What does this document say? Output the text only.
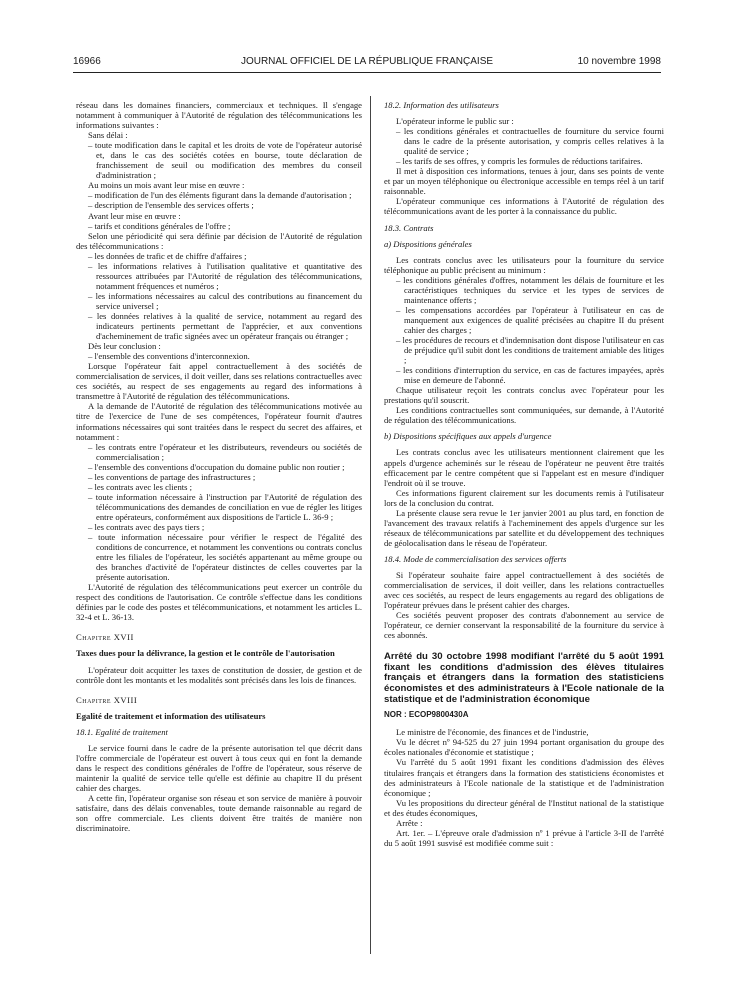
16966	JOURNAL OFFICIEL DE LA RÉPUBLIQUE FRANÇAISE	10 novembre 1998

réseau dans les domaines financiers, commerciaux et techniques. Il s'engage notamment à communiquer à l'Autorité de régulation des télécommunications les informations suivantes :

Sans délai :

– toute modification dans le capital et les droits de vote de l'opérateur autorisé et, dans le cas des sociétés cotées en bourse, toute déclaration de franchissement de seuil ou modification des membres du conseil d'administration ;

Au moins un mois avant leur mise en œuvre :

– modification de l'un des éléments figurant dans la demande d'autorisation ;

– description de l'ensemble des services offerts ;

Avant leur mise en œuvre :

– tarifs et conditions générales de l'offre ;

Selon une périodicité qui sera définie par décision de l'Autorité de régulation des télécommunications :

– les données de trafic et de chiffre d'affaires ;

– les informations relatives à l'utilisation qualitative et quantitative des ressources attribuées par l'Autorité de régulation des télécommunications, notamment fréquences et numéros ;

– les informations nécessaires au calcul des contributions au financement du service universel ;

– les données relatives à la qualité de service, notamment au regard des indicateurs pertinents permettant de l'apprécier, et aux conventions d'acheminement de trafic signées avec un opérateur français ou étranger ;

Dès leur conclusion :

– l'ensemble des conventions d'interconnexion.

Lorsque l'opérateur fait appel contractuellement à des sociétés de commercialisation de services, il doit veiller, dans ses relations contractuelles avec ces sociétés, au respect de ses engagements au regard des informations à transmettre à l'Autorité de régulation des télécommunications.

A la demande de l'Autorité de régulation des télécommunications motivée au titre de l'exercice de l'une de ses compétences, l'opérateur fournit d'autres informations nécessaires qui sont traitées dans le respect du secret des affaires, et notamment :

– les contrats entre l'opérateur et les distributeurs, revendeurs ou sociétés de commercialisation ;

– l'ensemble des conventions d'occupation du domaine public non routier ;

– les conventions de partage des infrastructures ;

– les contrats avec les clients ;

– toute information nécessaire à l'instruction par l'Autorité de régulation des télécommunications des demandes de conciliation en vue de régler les litiges entre opérateurs, conformément aux dispositions de l'article L. 36-9 ;

– les contrats avec des pays tiers ;

– toute information nécessaire pour vérifier le respect de l'égalité des conditions de concurrence, et notamment les conventions ou contrats conclus entre les filiales de l'opérateur, les sociétés appartenant au même groupe ou des branches d'activité de l'opérateur distinctes de celles couvertes par la présente autorisation.

L'Autorité de régulation des télécommunications peut exercer un contrôle du respect des conditions de l'autorisation. Ce contrôle s'effectue dans les conditions définies par le code des postes et télécommunications, et notamment les articles L. 32-4 et L. 36-13.

Chapitre XVII

Taxes dues pour la délivrance, la gestion et le contrôle de l'autorisation

L'opérateur doit acquitter les taxes de constitution de dossier, de gestion et de contrôle dont les montants et les modalités sont précisés dans les lois de finances.

Chapitre XVIII

Egalité de traitement et information des utilisateurs

18.1. Egalité de traitement

Le service fourni dans le cadre de la présente autorisation tel que décrit dans l'offre commerciale de l'opérateur est ouvert à tous ceux qui en font la demande dans le respect des conditions générales de l'offre de l'opérateur, sous réserve de maintenir la qualité de service telle qu'elle est définie au chapitre II du présent cahier des charges.

A cette fin, l'opérateur organise son réseau et son service de manière à pouvoir satisfaire, dans des délais convenables, toute demande raisonnable au regard de son offre commerciale. Les clients doivent être traités de manière non discriminatoire.

18.2. Information des utilisateurs

L'opérateur informe le public sur :

– les conditions générales et contractuelles de fourniture du service fourni dans le cadre de la présente autorisation, y compris celles relatives à la qualité de service ;

– les tarifs de ses offres, y compris les formules de réductions tarifaires.

Il met à disposition ces informations, tenues à jour, dans ses points de vente et par un moyen téléphonique ou électronique accessible en temps réel à un tarif raisonnable.

L'opérateur communique ces informations à l'Autorité de régulation des télécommunications avant de les porter à la connaissance du public.

18.3. Contrats

a) Dispositions générales

Les contrats conclus avec les utilisateurs pour la fourniture du service téléphonique au public précisent au minimum :

– les conditions générales d'offres, notamment les délais de fourniture et les caractéristiques techniques du service et les types de services de maintenance offerts ;

– les compensations accordées par l'opérateur à l'utilisateur en cas de manquement aux exigences de qualité précisées au chapitre II du présent cahier des charges ;

– les procédures de recours et d'indemnisation dont dispose l'utilisateur en cas de préjudice qu'il subit dont les conditions de traitement amiable des litiges ;

– les conditions d'interruption du service, en cas de factures impayées, après mise en demeure de l'abonné.

Chaque utilisateur reçoit les contrats conclus avec l'opérateur pour les prestations qu'il souscrit.

Les conditions contractuelles sont communiquées, sur demande, à l'Autorité de régulation des télécommunications.

b) Dispositions spécifiques aux appels d'urgence

Les contrats conclus avec les utilisateurs mentionnent clairement que les appels d'urgence acheminés sur le réseau de l'opérateur ne peuvent être traités efficacement par le centre compétent que si l'appelant est en mesure d'indiquer l'endroit où il se trouve.

Ces informations figurent clairement sur les documents remis à l'utilisateur lors de la conclusion du contrat.

La présente clause sera revue le 1er janvier 2001 au plus tard, en fonction de l'avancement des travaux relatifs à l'acheminement des appels d'urgence sur les réseaux de télécommunications par satellite et du développement des techniques de géolocalisation dans le réseau de l'opérateur.

18.4. Mode de commercialisation des services offerts

Si l'opérateur souhaite faire appel contractuellement à des sociétés de commercialisation de services, il doit veiller, dans les relations contractuelles avec ces sociétés, au respect de leurs engagements au regard des obligations de l'opérateur prévues dans le présent cahier des charges.

Ces sociétés peuvent proposer des contrats d'abonnement au service de l'opérateur, ce dernier conservant la responsabilité de la fourniture du service à ces abonnés.

Arrêté du 30 octobre 1998 modifiant l'arrêté du 5 août 1991 fixant les conditions d'admission des élèves titulaires français et étrangers dans la formation des statisticiens économistes et des administrateurs à l'Ecole nationale de la statistique et de l'administration économique

NOR : ECOP9800430A

Le ministre de l'économie, des finances et de l'industrie,

Vu le décret nº 94-525 du 27 juin 1994 portant organisation du groupe des écoles nationales d'économie et statistique ;

Vu l'arrêté du 5 août 1991 fixant les conditions d'admission des élèves titulaires français et étrangers dans la formation des statisticiens économistes et des administrateurs à l'Ecole nationale de la statistique et de l'administration économique ;

Vu les propositions du directeur général de l'Institut national de la statistique et des études économiques,

Arrête :

Art. 1er. – L'épreuve orale d'admission nº 1 prévue à l'article 3-II de l'arrêté du 5 août 1991 susvisé est modifiée comme suit :
